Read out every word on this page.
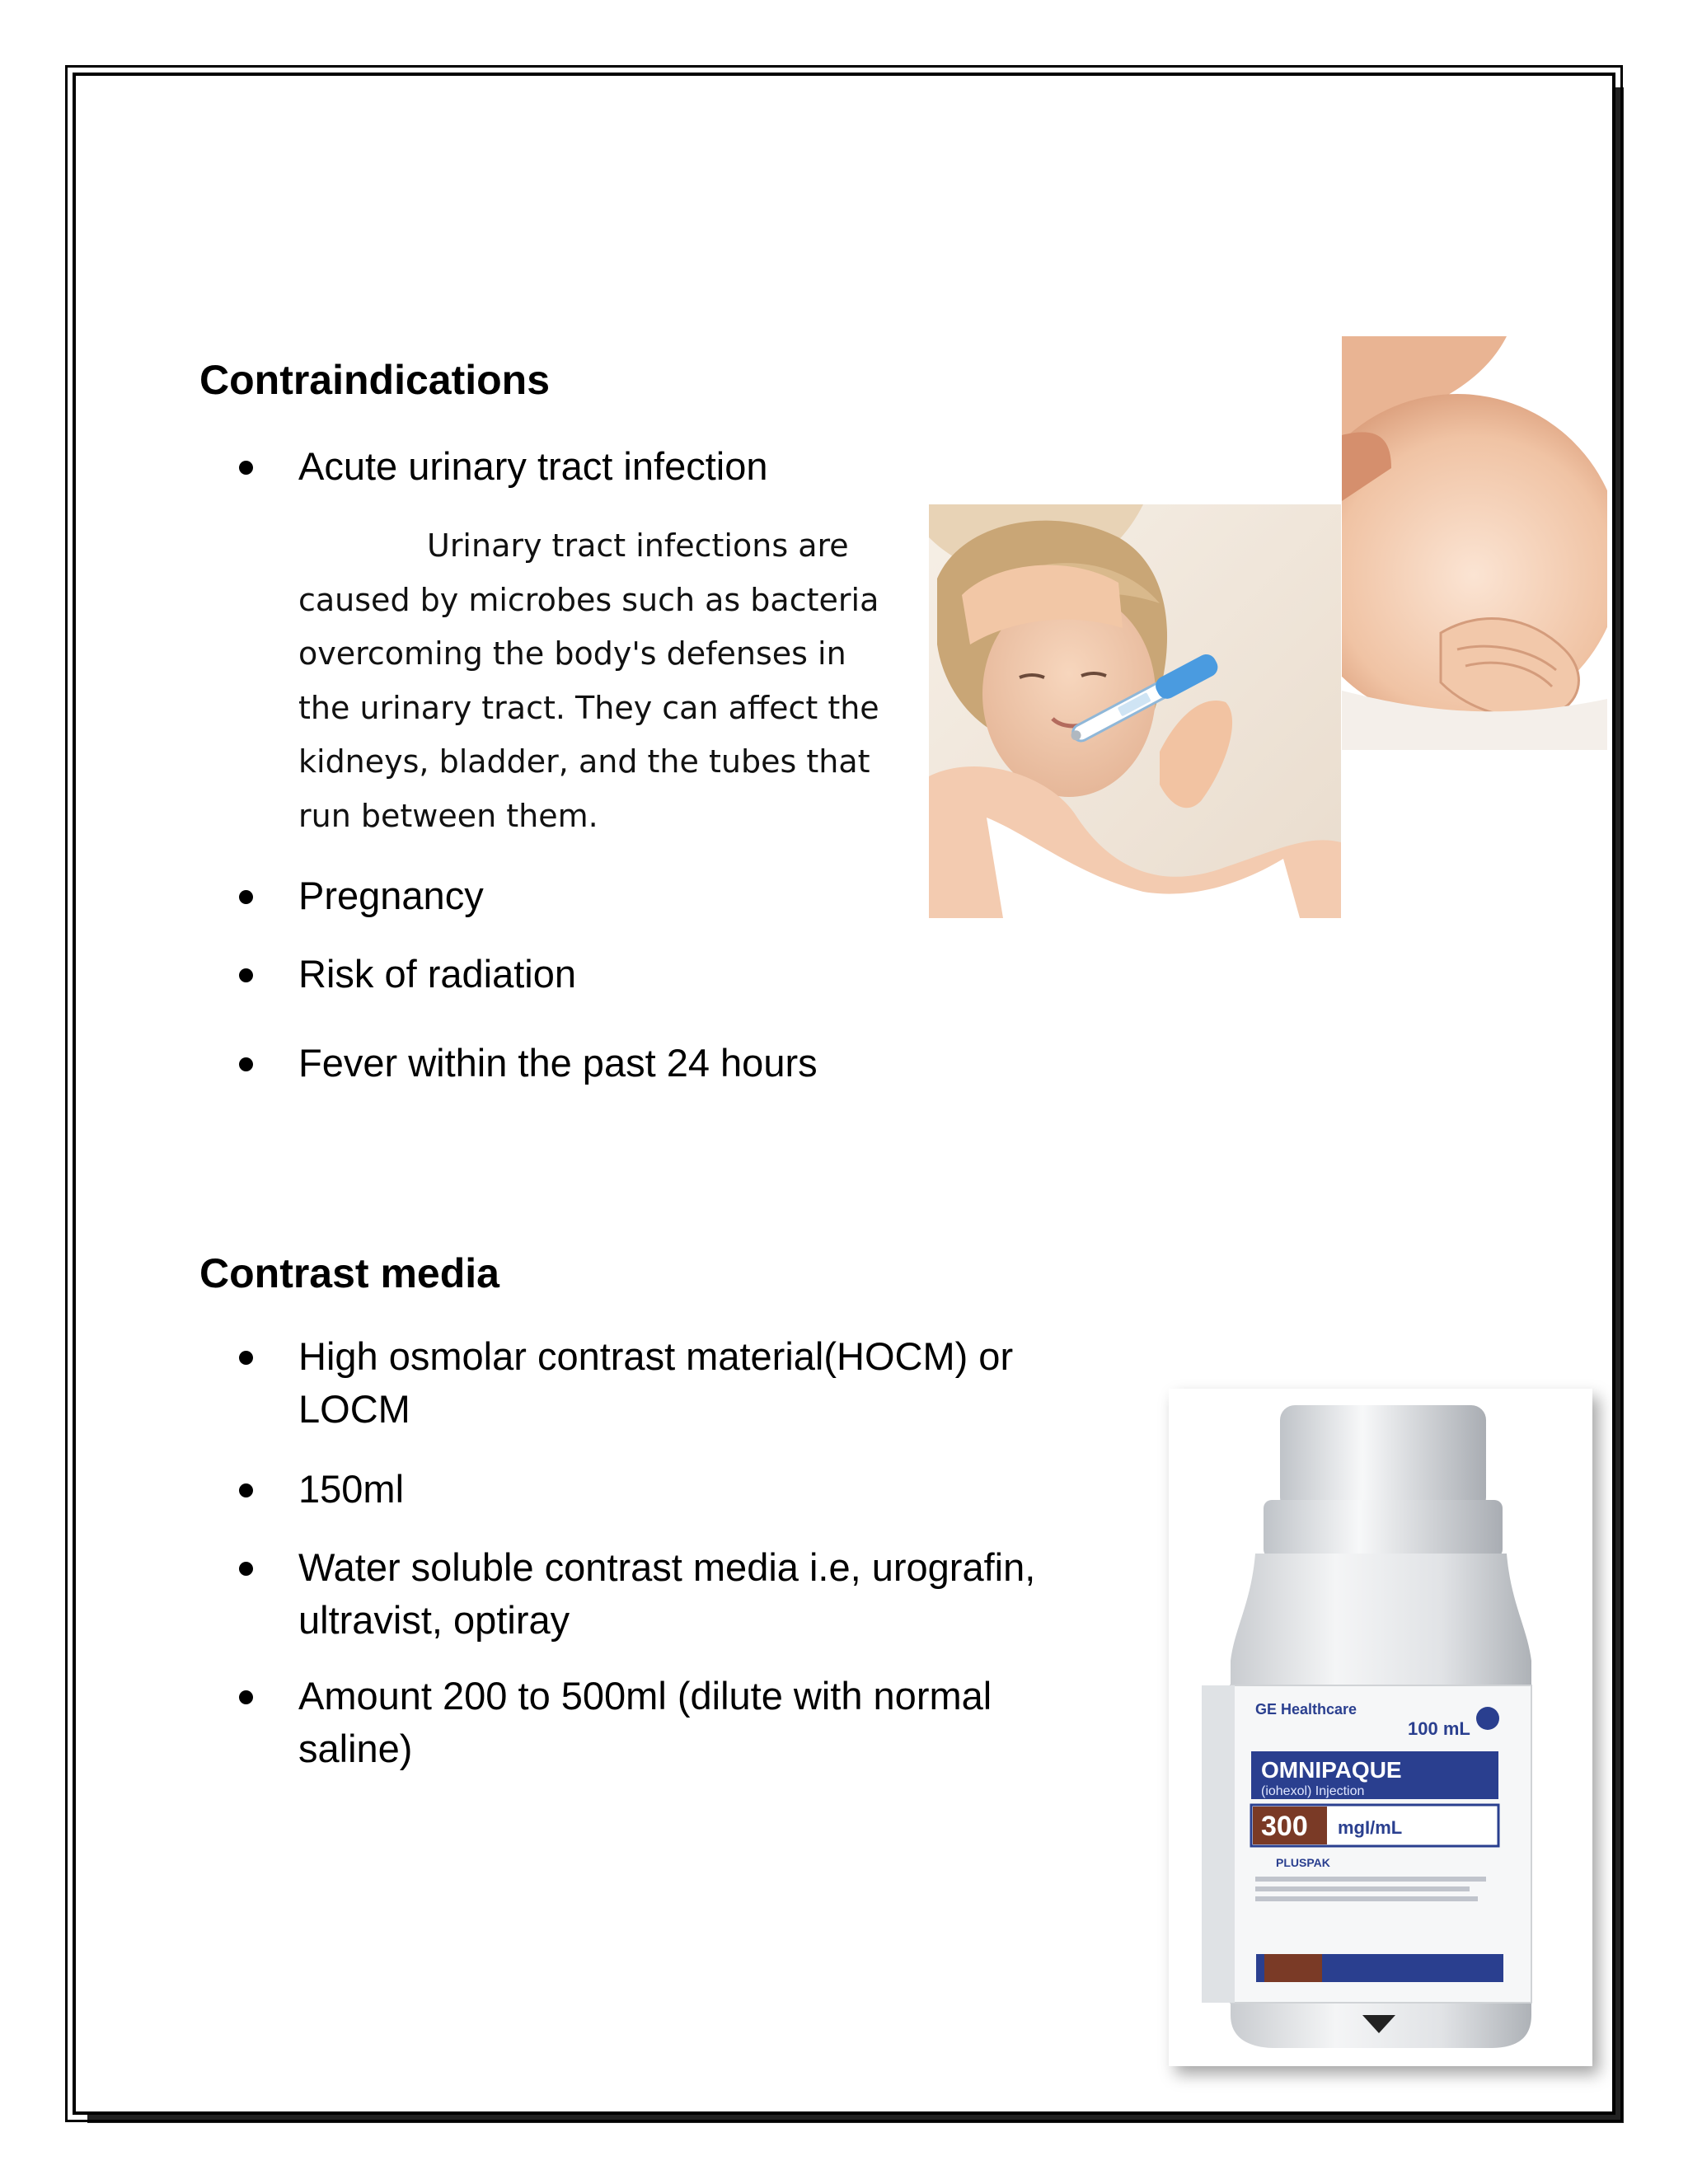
Contraindications
Acute urinary tract infection
Pregnancy
Risk of radiation
Fever within the past 24 hours
Urinary tract infections are
caused by microbes such as bacteria
overcoming the body's defenses in
the urinary tract. They can affect the
kidneys, bladder, and the tubes that
run between them.
Contrast media
High osmolar contrast material(HOCM) or
LOCM
150ml
Water soluble contrast media i.e, urografin,
ultravist, optiray
Amount 200 to 500ml (dilute with normal
saline)
GE Healthcare
100 mL
OMNIPAQUE
(iohexol) Injection
300 mgI/mL
PLUSPAK
